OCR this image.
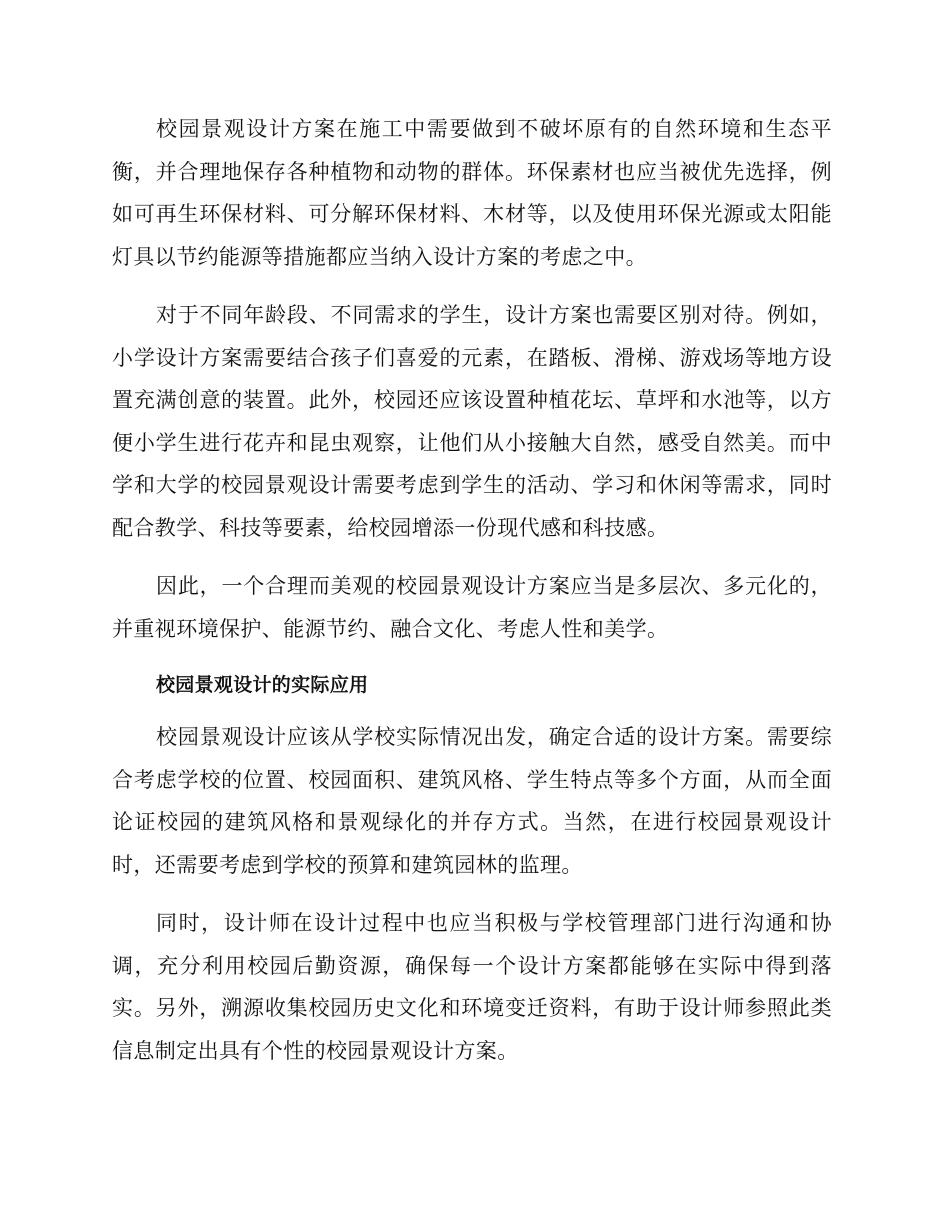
校园景观设计方案在施工中需要做到不破坏原有的自然环境和生态平衡，并合理地保存各种植物和动物的群体。环保素材也应当被优先选择，例如可再生环保材料、可分解环保材料、木材等，以及使用环保光源或太阳能灯具以节约能源等措施都应当纳入设计方案的考虑之中。

对于不同年龄段、不同需求的学生，设计方案也需要区别对待。例如，小学设计方案需要结合孩子们喜爱的元素，在踏板、滑梯、游戏场等地方设置充满创意的装置。此外，校园还应该设置种植花坛、草坪和水池等，以方便小学生进行花卉和昆虫观察，让他们从小接触大自然，感受自然美。而中学和大学的校园景观设计需要考虑到学生的活动、学习和休闲等需求，同时配合教学、科技等要素，给校园增添一份现代感和科技感。

因此，一个合理而美观的校园景观设计方案应当是多层次、多元化的，并重视环境保护、能源节约、融合文化、考虑人性和美学。

校园景观设计的实际应用

校园景观设计应该从学校实际情况出发，确定合适的设计方案。需要综合考虑学校的位置、校园面积、建筑风格、学生特点等多个方面，从而全面论证校园的建筑风格和景观绿化的并存方式。当然，在进行校园景观设计时，还需要考虑到学校的预算和建筑园林的监理。

同时，设计师在设计过程中也应当积极与学校管理部门进行沟通和协调，充分利用校园后勤资源，确保每一个设计方案都能够在实际中得到落实。另外，溯源收集校园历史文化和环境变迁资料，有助于设计师参照此类信息制定出具有个性的校园景观设计方案。
